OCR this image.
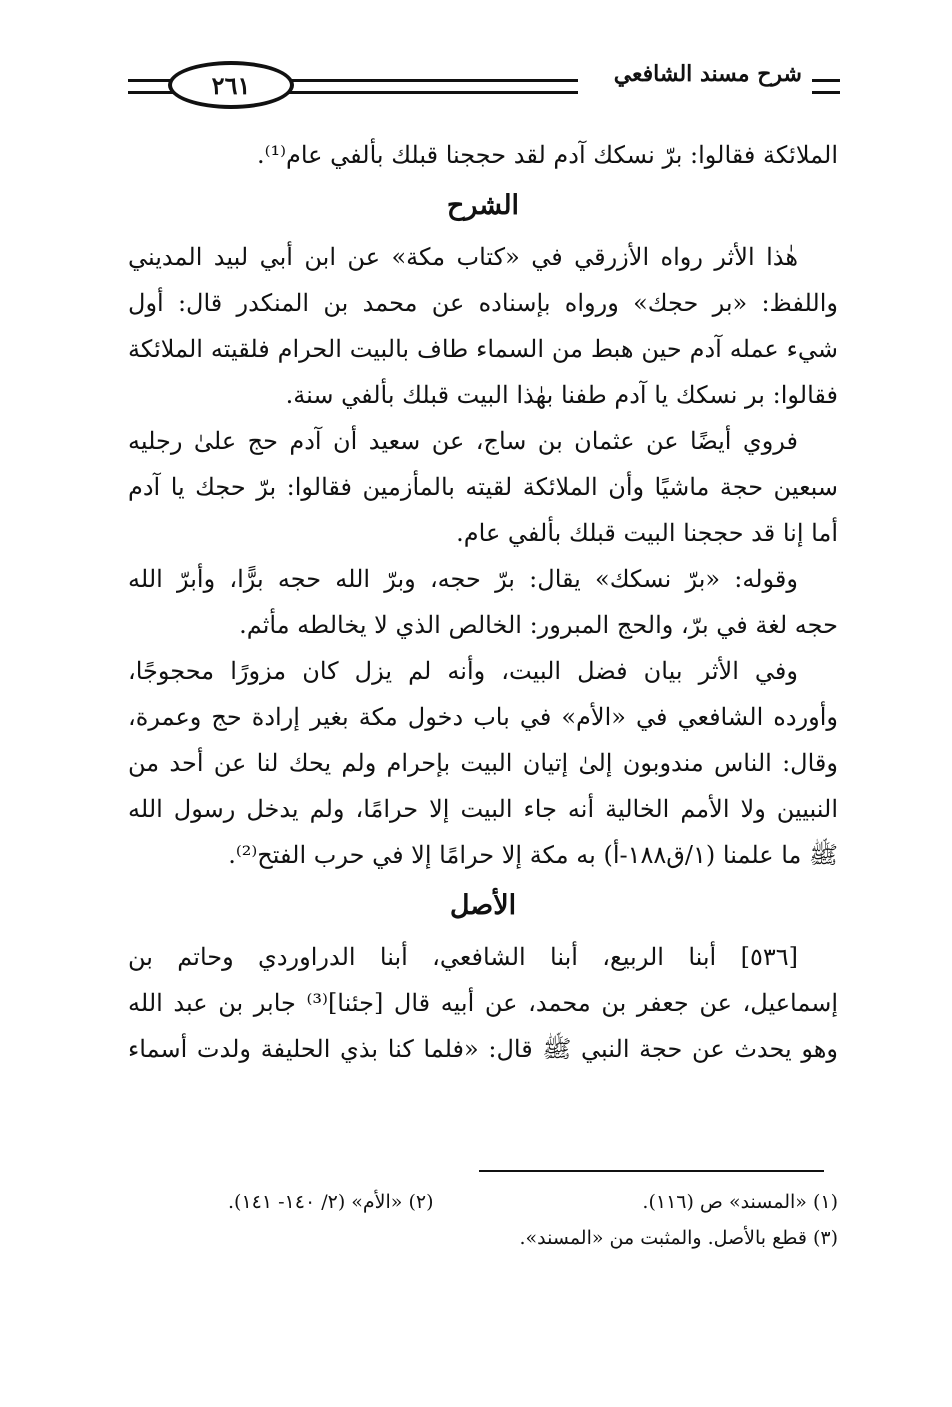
شرح مسند الشافعي
٢٦١
الملائكة فقالوا: برّ نسكك آدم لقد حججنا قبلك بألفي عام⁽¹⁾.
الشرح
هٰذا الأثر رواه الأزرقي في «كتاب مكة» عن ابن أبي لبيد المديني
واللفظ: «بر حجك» ورواه بإسناده عن محمد بن المنكدر قال: أول
شيء عمله آدم حين هبط من السماء طاف بالبيت الحرام فلقيته الملائكة
فقالوا: بر نسكك يا آدم طفنا بهٰذا البيت قبلك بألفي سنة.
فروي أيضًا عن عثمان بن ساج، عن سعيد أن آدم حج علىٰ رجليه
سبعين حجة ماشيًا وأن الملائكة لقيته بالمأزمين فقالوا: برّ حجك يا آدم
أما إنا قد حججنا البيت قبلك بألفي عام.
وقوله: «برّ نسكك» يقال: برّ حجه، وبرّ الله حجه برًّا، وأبرّ الله
حجه لغة في برّ، والحج المبرور: الخالص الذي لا يخالطه مأثم.
وفي الأثر بيان فضل البيت، وأنه لم يزل كان مزورًا محجوجًا،
وأورده الشافعي في «الأم» في باب دخول مكة بغير إرادة حج وعمرة،
وقال: الناس مندوبون إلىٰ إتيان البيت بإحرام ولم يحك لنا عن أحد من
النبيين ولا الأمم الخالية أنه جاء البيت إلا حرامًا، ولم يدخل رسول الله
ﷺ ما علمنا (١/ق١٨٨-أ) به مكة إلا حرامًا إلا في حرب الفتح⁽²⁾.
الأصل
[٥٣٦] أبنا الربيع، أبنا الشافعي، أبنا الدراوردي وحاتم بن
إسماعيل، عن جعفر بن محمد، عن أبيه قال [جئنا]⁽³⁾ جابر بن عبد الله
وهو يحدث عن حجة النبي ﷺ قال: «فلما كنا بذي الحليفة ولدت أسماء
(١) «المسند» ص (١١٦).
(٢) «الأم» (٢/ ١٤٠- ١٤١).
(٣) قطع بالأصل. والمثبت من «المسند».
